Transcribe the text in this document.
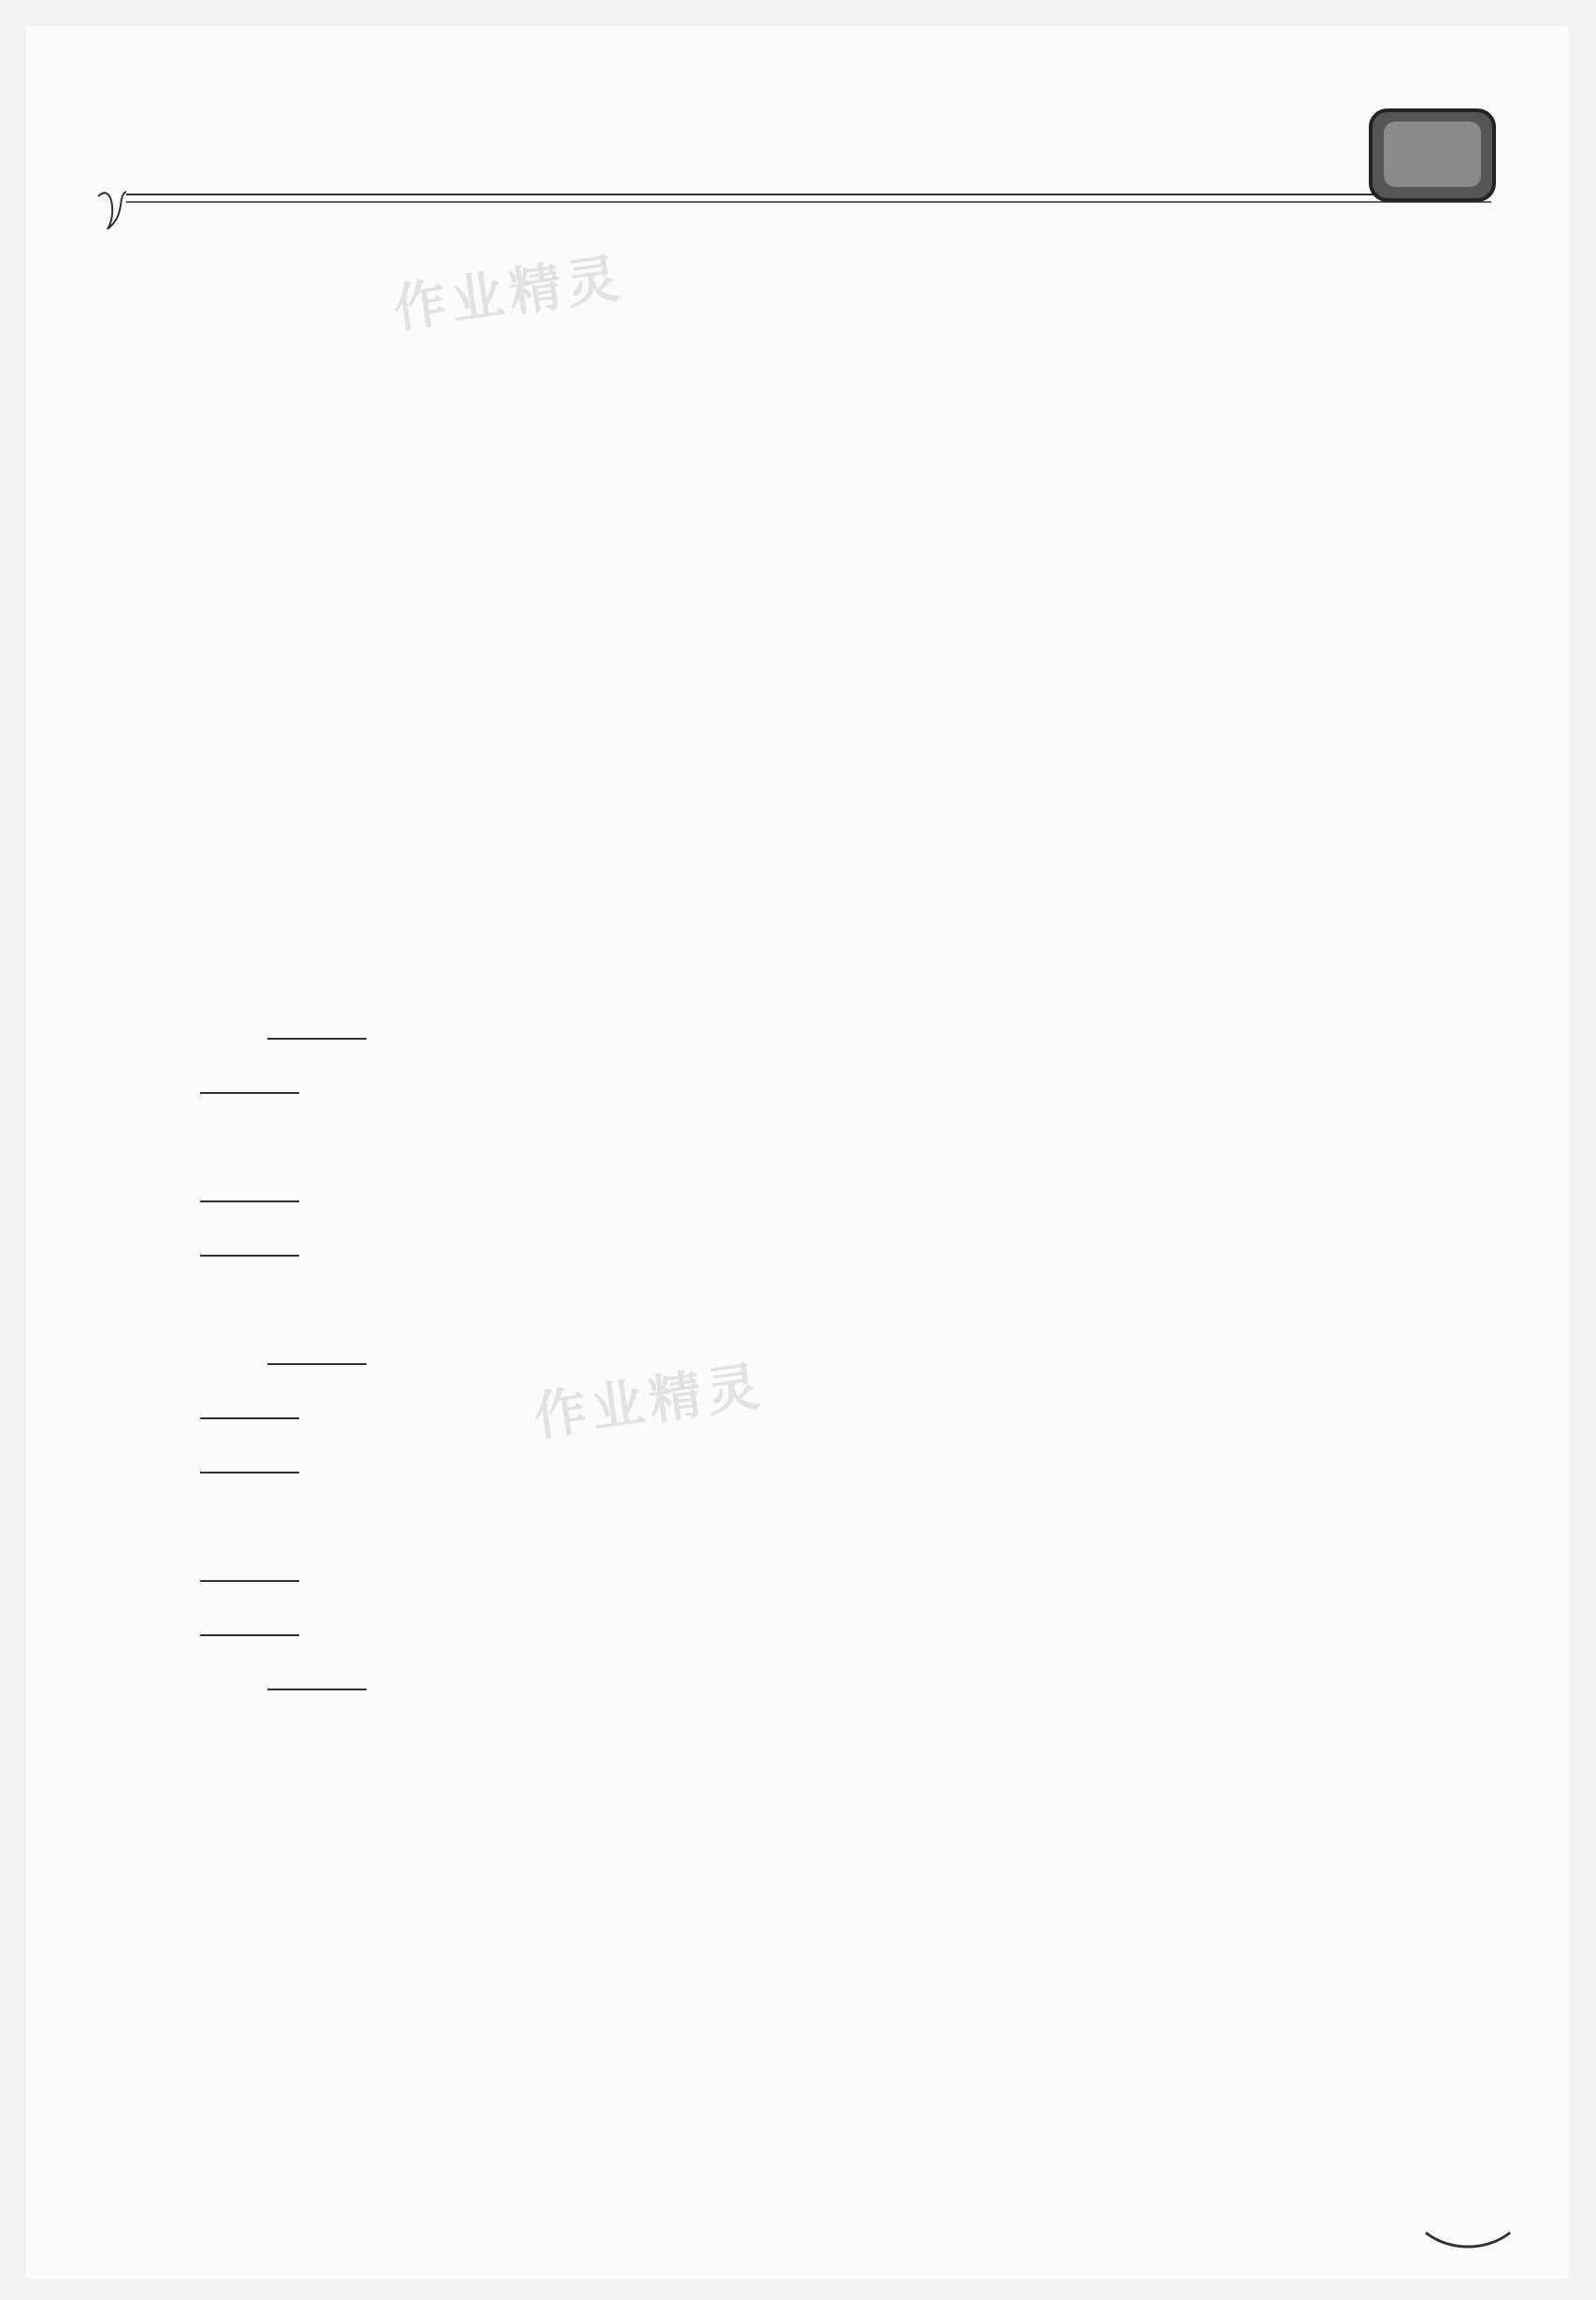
作业精灵
作业精灵
